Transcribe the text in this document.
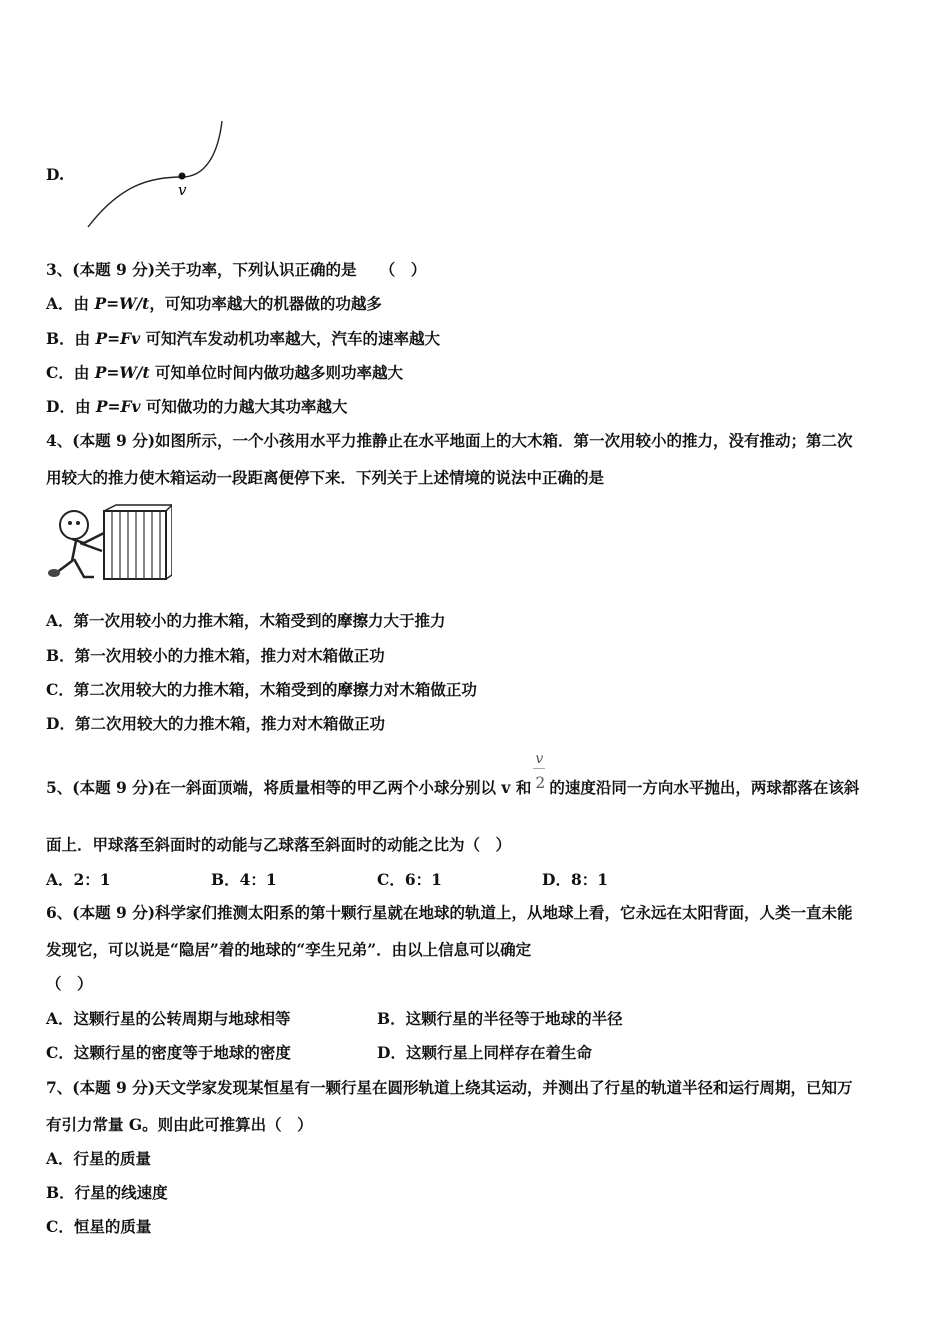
D.
v
3、(本题 9 分)关于功率，下列认识正确的是　　（　）
A．由 P=W/t，可知功率越大的机器做的功越多
B．由 P=Fv 可知汽车发动机功率越大，汽车的速率越大
C．由 P=W/t 可知单位时间内做功越多则功率越大
D．由 P=Fv 可知做功的力越大其功率越大
4、(本题 9 分)如图所示，一个小孩用水平力推静止在水平地面上的大木箱．第一次用较小的推力，没有推动；第二次
用较大的推力使木箱运动一段距离便停下来．下列关于上述情境的说法中正确的是
A．第一次用较小的力推木箱，木箱受到的摩擦力大于推力
B．第一次用较小的力推木箱，推力对木箱做正功
C．第二次用较大的力推木箱，木箱受到的摩擦力对木箱做正功
D．第二次用较大的力推木箱，推力对木箱做正功
5、(本题 9 分)在一斜面顶端，将质量相等的甲乙两个小球分别以 v 和 $\frac{v}{2}$ 的速度沿同一方向水平抛出，两球都落在该斜
面上．甲球落至斜面时的动能与乙球落至斜面时的动能之比为（　）
A．2：1	B．4：1	C．6：1	D．8：1
6、(本题 9 分)科学家们推测太阳系的第十颗行星就在地球的轨道上，从地球上看，它永远在太阳背面，人类一直未能
发现它，可以说是“隐居”着的地球的“孪生兄弟”．由以上信息可以确定
（　）
A．这颗行星的公转周期与地球相等	B．这颗行星的半径等于地球的半径
C．这颗行星的密度等于地球的密度	D．这颗行星上同样存在着生命
7、(本题 9 分)天文学家发现某恒星有一颗行星在圆形轨道上绕其运动，并测出了行星的轨道半径和运行周期，已知万
有引力常量 G。则由此可推算出（　）
A．行星的质量
B．行星的线速度
C．恒星的质量
